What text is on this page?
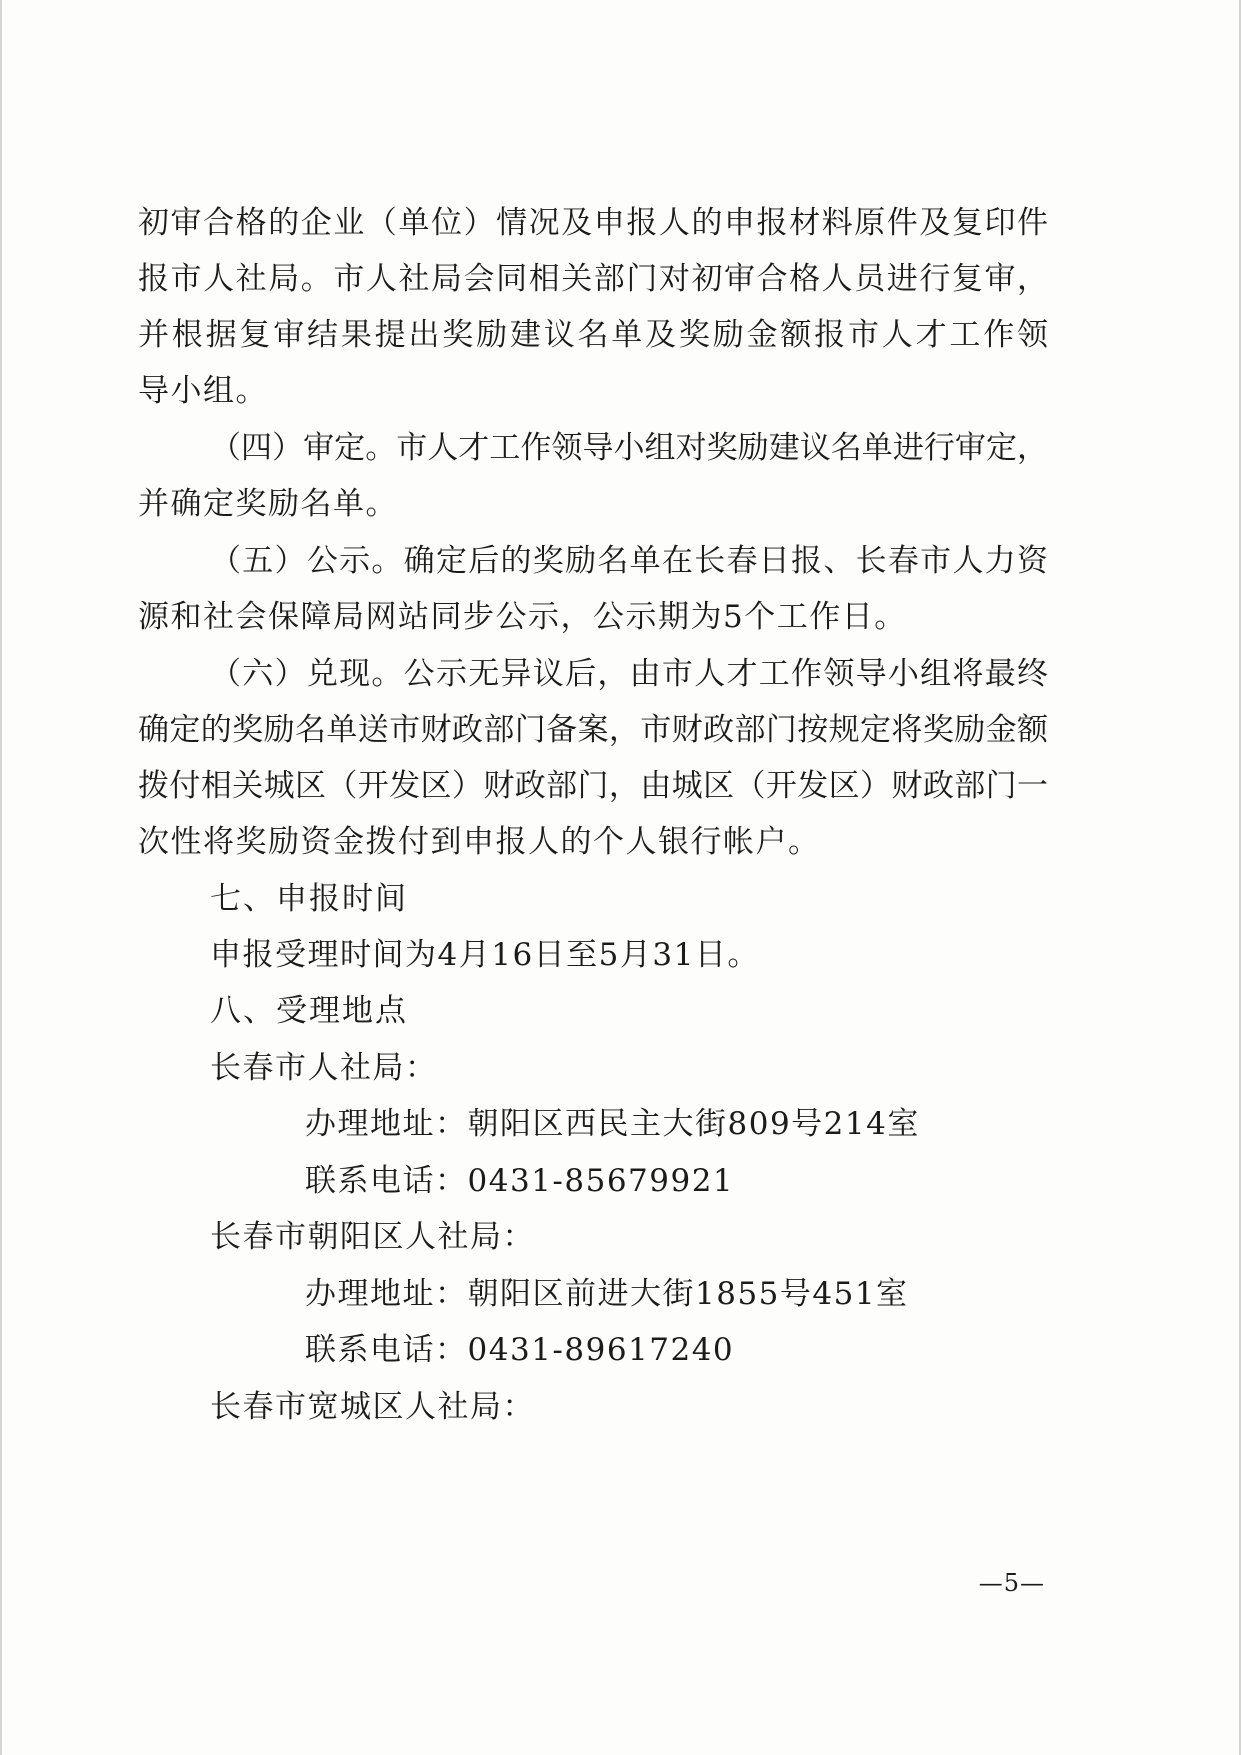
初审合格的企业（单位）情况及申报人的申报材料原件及复印件
报市人社局。市人社局会同相关部门对初审合格人员进行复审，
并根据复审结果提出奖励建议名单及奖励金额报市人才工作领
导小组。
（四）审定。市人才工作领导小组对奖励建议名单进行审定，
并确定奖励名单。
（五）公示。确定后的奖励名单在长春日报、长春市人力资
源和社会保障局网站同步公示，公示期为5个工作日。
（六）兑现。公示无异议后，由市人才工作领导小组将最终
确定的奖励名单送市财政部门备案，市财政部门按规定将奖励金额
拨付相关城区（开发区）财政部门，由城区（开发区）财政部门一
次性将奖励资金拨付到申报人的个人银行帐户。
七、申报时间
申报受理时间为4月16日至5月31日。
八、受理地点
长春市人社局：
办理地址：朝阳区西民主大街809号214室
联系电话：0431-85679921
长春市朝阳区人社局：
办理地址：朝阳区前进大街1855号451室
联系电话：0431-89617240
长春市宽城区人社局：
—5—
